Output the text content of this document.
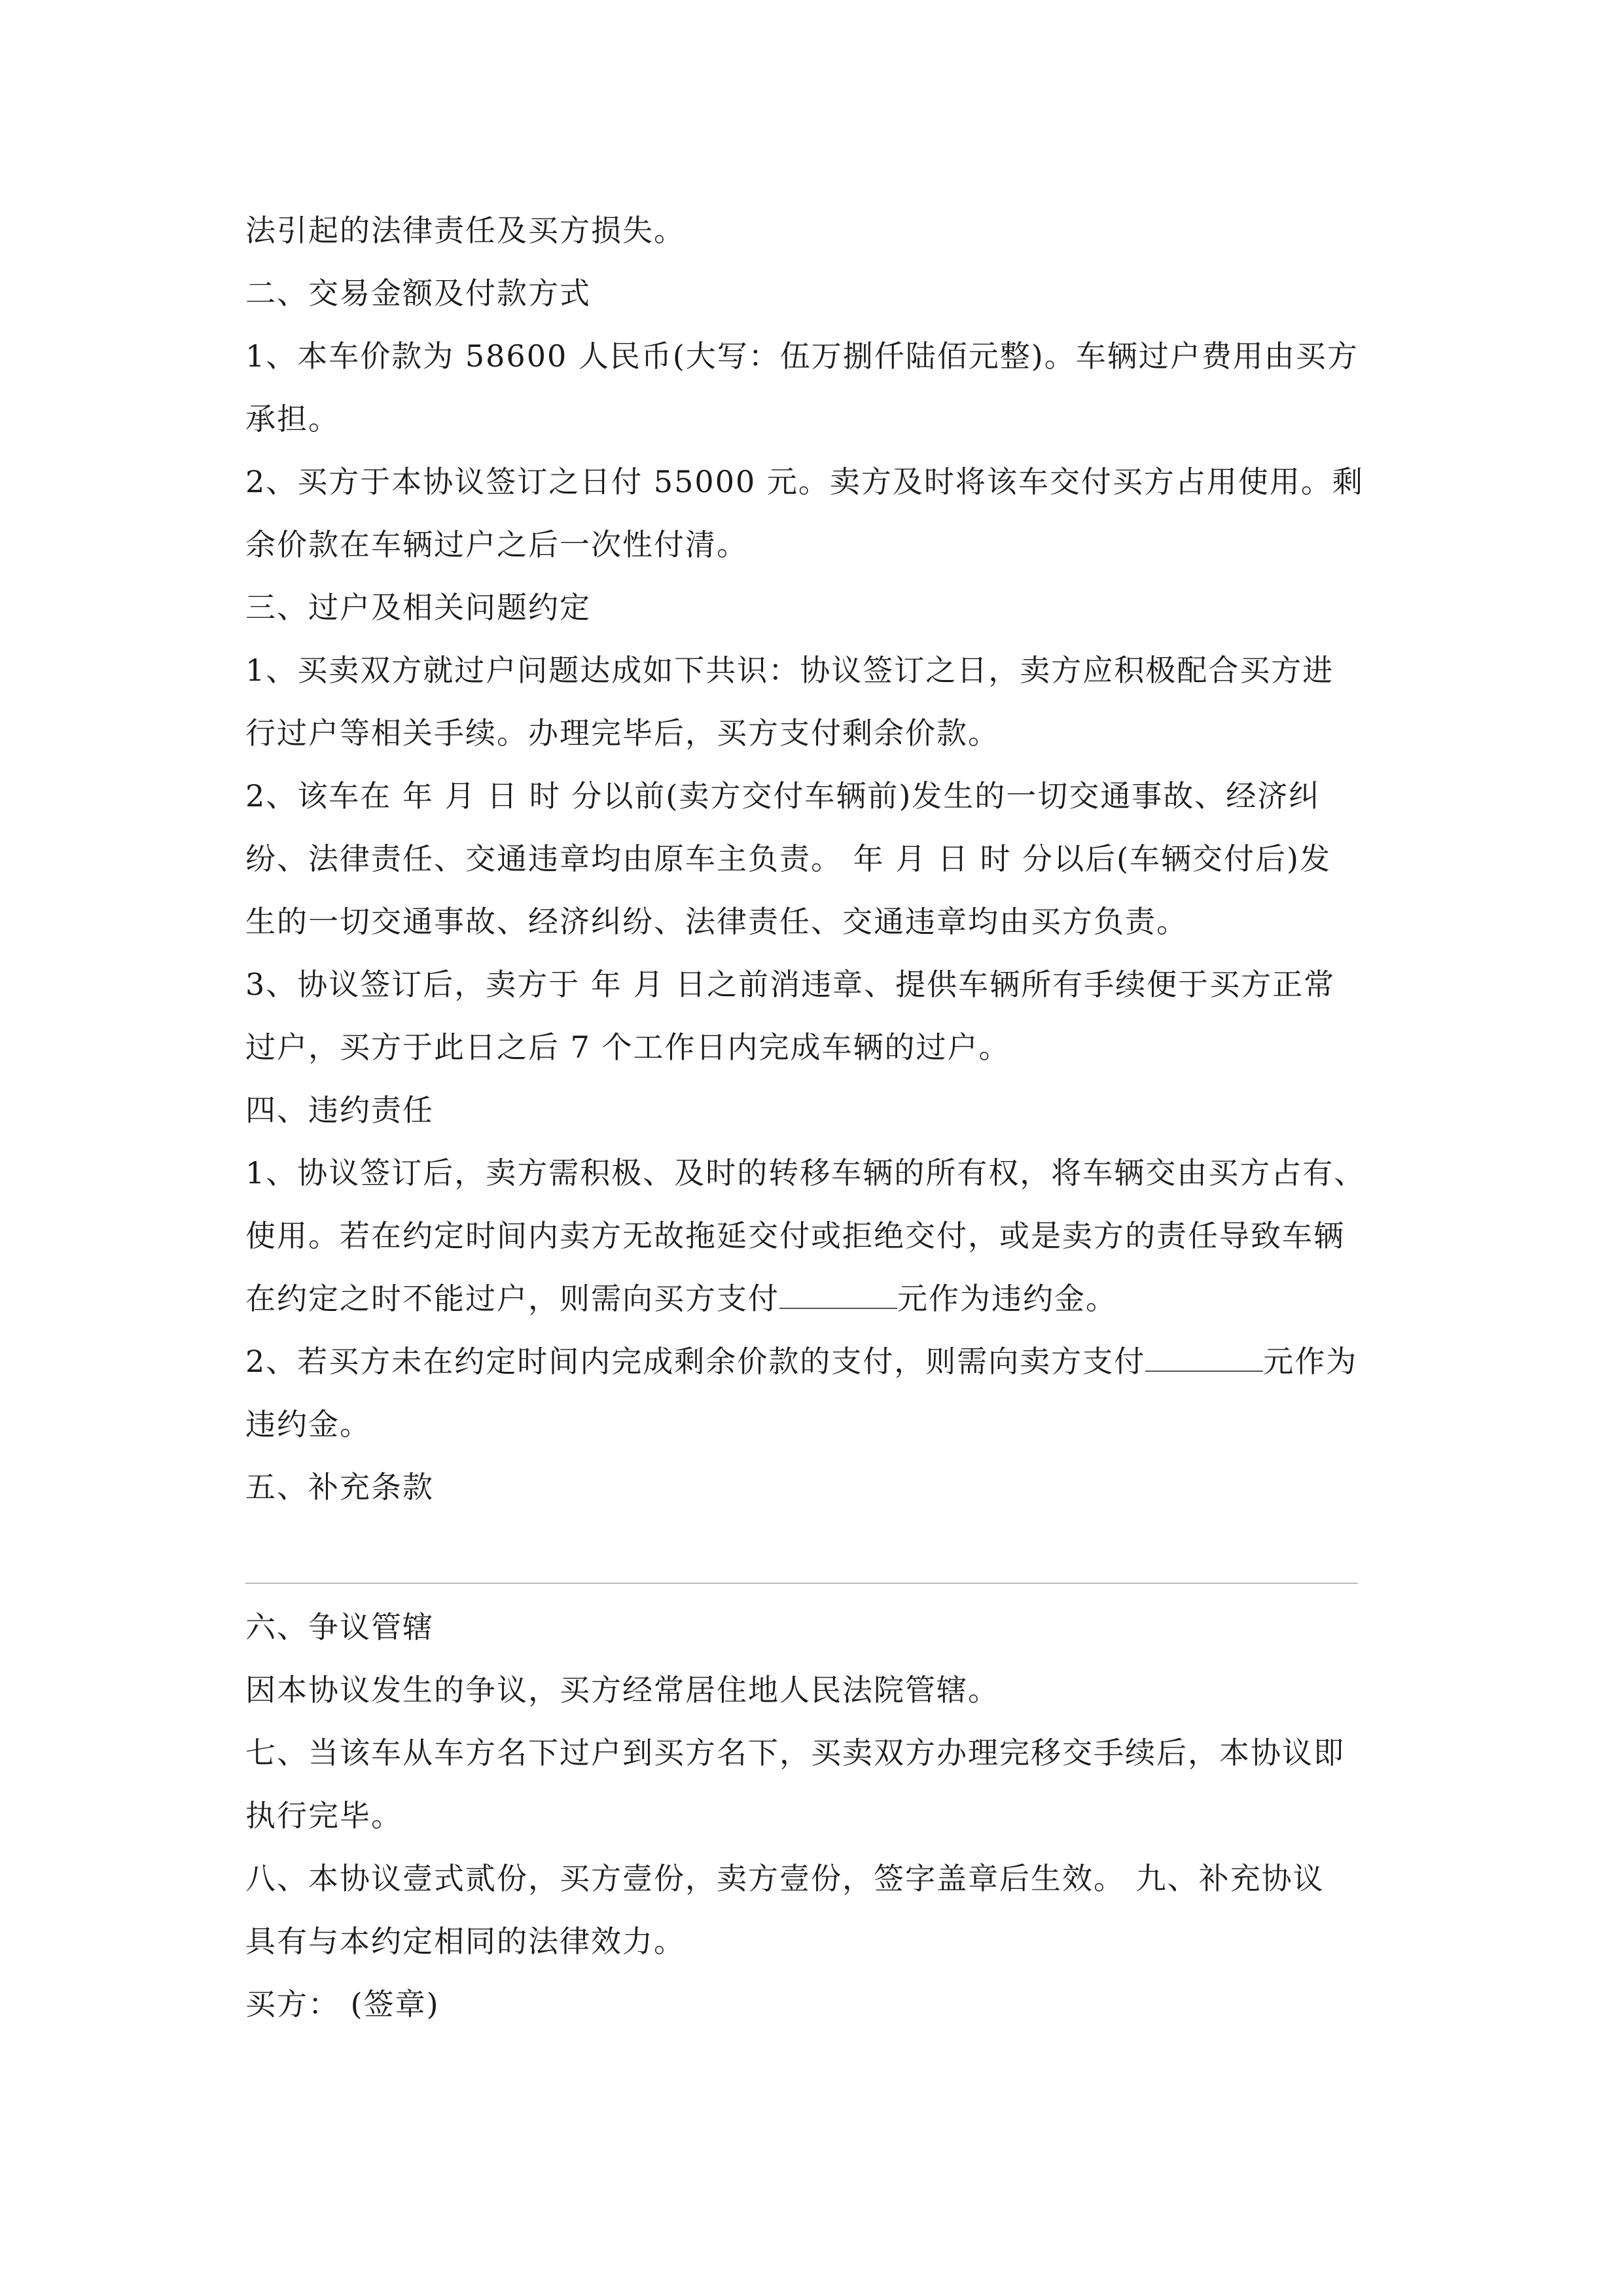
法引起的法律责任及买方损失。
二、交易金额及付款方式
1、本车价款为 58600 人民币(大写：伍万捌仟陆佰元整)。车辆过户费用由买方
承担。
2、买方于本协议签订之日付 55000 元。卖方及时将该车交付买方占用使用。剩
余价款在车辆过户之后一次性付清。
三、过户及相关问题约定
1、买卖双方就过户问题达成如下共识：协议签订之日，卖方应积极配合买方进
行过户等相关手续。办理完毕后，买方支付剩余价款。
2、该车在 年 月 日 时 分以前(卖方交付车辆前)发生的一切交通事故、经济纠
纷、法律责任、交通违章均由原车主负责。 年 月 日 时 分以后(车辆交付后)发
生的一切交通事故、经济纠纷、法律责任、交通违章均由买方负责。
3、协议签订后，卖方于 年 月 日之前消违章、提供车辆所有手续便于买方正常
过户，买方于此日之后 7 个工作日内完成车辆的过户。
四、违约责任
1、协议签订后，卖方需积极、及时的转移车辆的所有权，将车辆交由买方占有、
使用。若在约定时间内卖方无故拖延交付或拒绝交付，或是卖方的责任导致车辆
在约定之时不能过户，则需向买方支付	元作为违约金。
2、若买方未在约定时间内完成剩余价款的支付，则需向卖方支付	元作为
违约金。
五、补充条款
六、争议管辖
因本协议发生的争议，买方经常居住地人民法院管辖。
七、当该车从车方名下过户到买方名下，买卖双方办理完移交手续后，本协议即
执行完毕。
八、本协议壹式贰份，买方壹份，卖方壹份，签字盖章后生效。 九、补充协议
具有与本约定相同的法律效力。
买方： (签章)
